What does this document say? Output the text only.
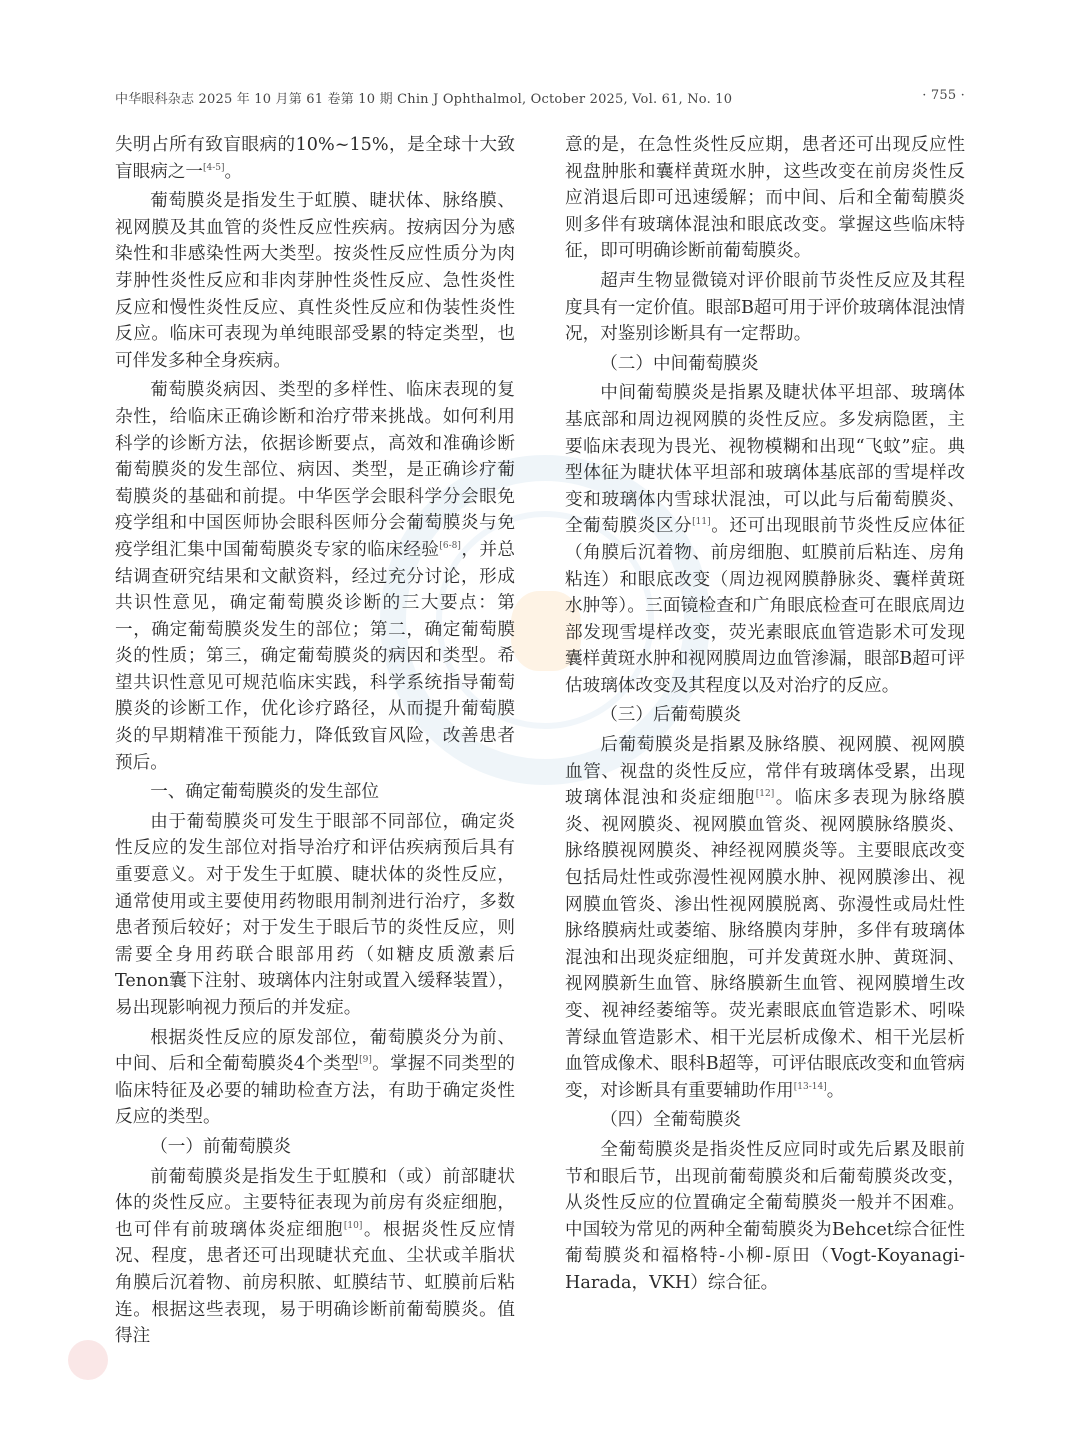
中华眼科杂志 2025 年 10 月第 61 卷第 10 期 Chin J Ophthalmol, October 2025, Vol. 61, No. 10	· 755 ·

失明占所有致盲眼病的10%~15%，是全球十大致盲眼病之一[4-5]。

葡萄膜炎是指发生于虹膜、睫状体、脉络膜、视网膜及其血管的炎性反应性疾病。按病因分为感染性和非感染性两大类型。按炎性反应性质分为肉芽肿性炎性反应和非肉芽肿性炎性反应、急性炎性反应和慢性炎性反应、真性炎性反应和伪装性炎性反应。临床可表现为单纯眼部受累的特定类型，也可伴发多种全身疾病。

葡萄膜炎病因、类型的多样性、临床表现的复杂性，给临床正确诊断和治疗带来挑战。如何利用科学的诊断方法，依据诊断要点，高效和准确诊断葡萄膜炎的发生部位、病因、类型，是正确诊疗葡萄膜炎的基础和前提。中华医学会眼科学分会眼免疫学组和中国医师协会眼科医师分会葡萄膜炎与免疫学组汇集中国葡萄膜炎专家的临床经验[6-8]，并总结调查研究结果和文献资料，经过充分讨论，形成共识性意见，确定葡萄膜炎诊断的三大要点：第一，确定葡萄膜炎发生的部位；第二，确定葡萄膜炎的性质；第三，确定葡萄膜炎的病因和类型。希望共识性意见可规范临床实践，科学系统指导葡萄膜炎的诊断工作，优化诊疗路径，从而提升葡萄膜炎的早期精准干预能力，降低致盲风险，改善患者预后。

一、确定葡萄膜炎的发生部位

由于葡萄膜炎可发生于眼部不同部位，确定炎性反应的发生部位对指导治疗和评估疾病预后具有重要意义。对于发生于虹膜、睫状体的炎性反应，通常使用或主要使用药物眼用制剂进行治疗，多数患者预后较好；对于发生于眼后节的炎性反应，则需要全身用药联合眼部用药（如糖皮质激素后Tenon囊下注射、玻璃体内注射或置入缓释装置），易出现影响视力预后的并发症。

根据炎性反应的原发部位，葡萄膜炎分为前、中间、后和全葡萄膜炎4个类型[9]。掌握不同类型的临床特征及必要的辅助检查方法，有助于确定炎性反应的类型。

（一）前葡萄膜炎

前葡萄膜炎是指发生于虹膜和（或）前部睫状体的炎性反应。主要特征表现为前房有炎症细胞，也可伴有前玻璃体炎症细胞[10]。根据炎性反应情况、程度，患者还可出现睫状充血、尘状或羊脂状角膜后沉着物、前房积脓、虹膜结节、虹膜前后粘连。根据这些表现，易于明确诊断前葡萄膜炎。值得注

意的是，在急性炎性反应期，患者还可出现反应性视盘肿胀和囊样黄斑水肿，这些改变在前房炎性反应消退后即可迅速缓解；而中间、后和全葡萄膜炎则多伴有玻璃体混浊和眼底改变。掌握这些临床特征，即可明确诊断前葡萄膜炎。

超声生物显微镜对评价眼前节炎性反应及其程度具有一定价值。眼部B超可用于评价玻璃体混浊情况，对鉴别诊断具有一定帮助。

（二）中间葡萄膜炎

中间葡萄膜炎是指累及睫状体平坦部、玻璃体基底部和周边视网膜的炎性反应。多发病隐匿，主要临床表现为畏光、视物模糊和出现“飞蚊”症。典型体征为睫状体平坦部和玻璃体基底部的雪堤样改变和玻璃体内雪球状混浊，可以此与后葡萄膜炎、全葡萄膜炎区分[11]。还可出现眼前节炎性反应体征（角膜后沉着物、前房细胞、虹膜前后粘连、房角粘连）和眼底改变（周边视网膜静脉炎、囊样黄斑水肿等）。三面镜检查和广角眼底检查可在眼底周边部发现雪堤样改变，荧光素眼底血管造影术可发现囊样黄斑水肿和视网膜周边血管渗漏，眼部B超可评估玻璃体改变及其程度以及对治疗的反应。

（三）后葡萄膜炎

后葡萄膜炎是指累及脉络膜、视网膜、视网膜血管、视盘的炎性反应，常伴有玻璃体受累，出现玻璃体混浊和炎症细胞[12]。临床多表现为脉络膜炎、视网膜炎、视网膜血管炎、视网膜脉络膜炎、脉络膜视网膜炎、神经视网膜炎等。主要眼底改变包括局灶性或弥漫性视网膜水肿、视网膜渗出、视网膜血管炎、渗出性视网膜脱离、弥漫性或局灶性脉络膜病灶或萎缩、脉络膜肉芽肿，多伴有玻璃体混浊和出现炎症细胞，可并发黄斑水肿、黄斑洞、视网膜新生血管、脉络膜新生血管、视网膜增生改变、视神经萎缩等。荧光素眼底血管造影术、吲哚菁绿血管造影术、相干光层析成像术、相干光层析血管成像术、眼科B超等，可评估眼底改变和血管病变，对诊断具有重要辅助作用[13-14]。

（四）全葡萄膜炎

全葡萄膜炎是指炎性反应同时或先后累及眼前节和眼后节，出现前葡萄膜炎和后葡萄膜炎改变，从炎性反应的位置确定全葡萄膜炎一般并不困难。中国较为常见的两种全葡萄膜炎为Behcet综合征性葡萄膜炎和福格特-小柳-原田（Vogt-Koyanagi-Harada，VKH）综合征。
